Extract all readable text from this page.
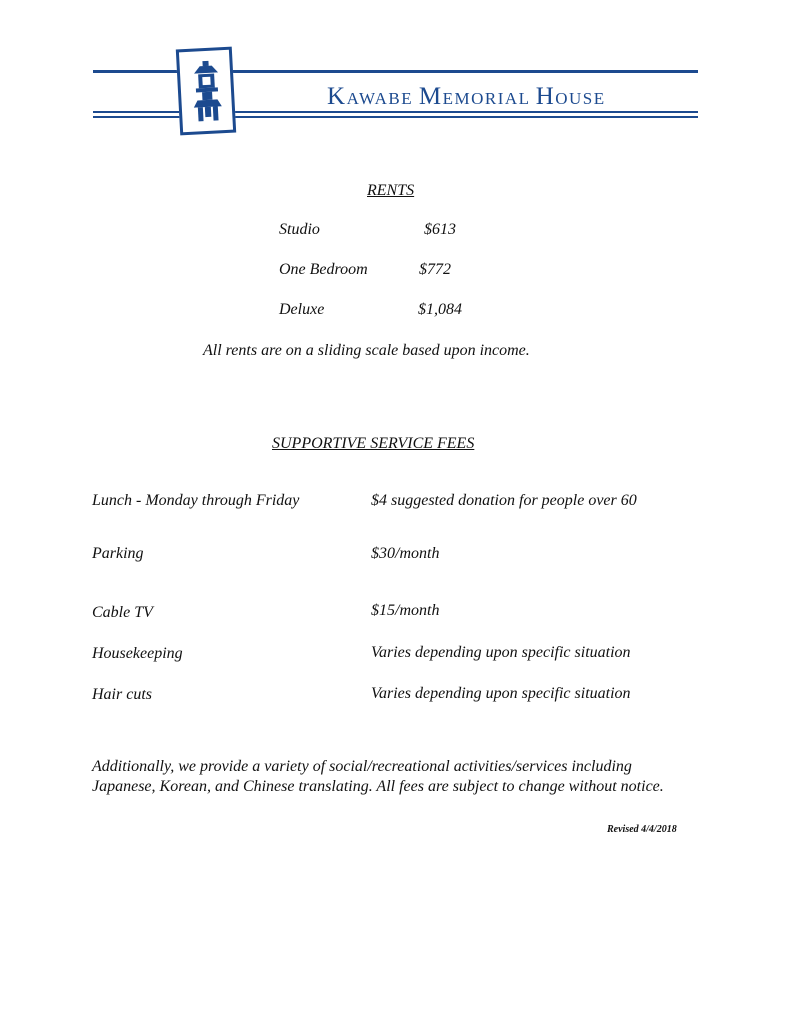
KAWABE MEMORIAL HOUSE
RENTS
Studio	$613
One Bedroom	$772
Deluxe	$1,084
All rents are on a sliding scale based upon income.
SUPPORTIVE SERVICE FEES
Lunch - Monday through Friday	$4 suggested donation for people over 60
Parking	$30/month
Cable TV	$15/month
Housekeeping	Varies depending upon specific situation
Hair cuts	Varies depending upon specific situation
Additionally, we provide a variety of social/recreational activities/services including Japanese, Korean, and Chinese translating. All fees are subject to change without notice.
Revised 4/4/2018
